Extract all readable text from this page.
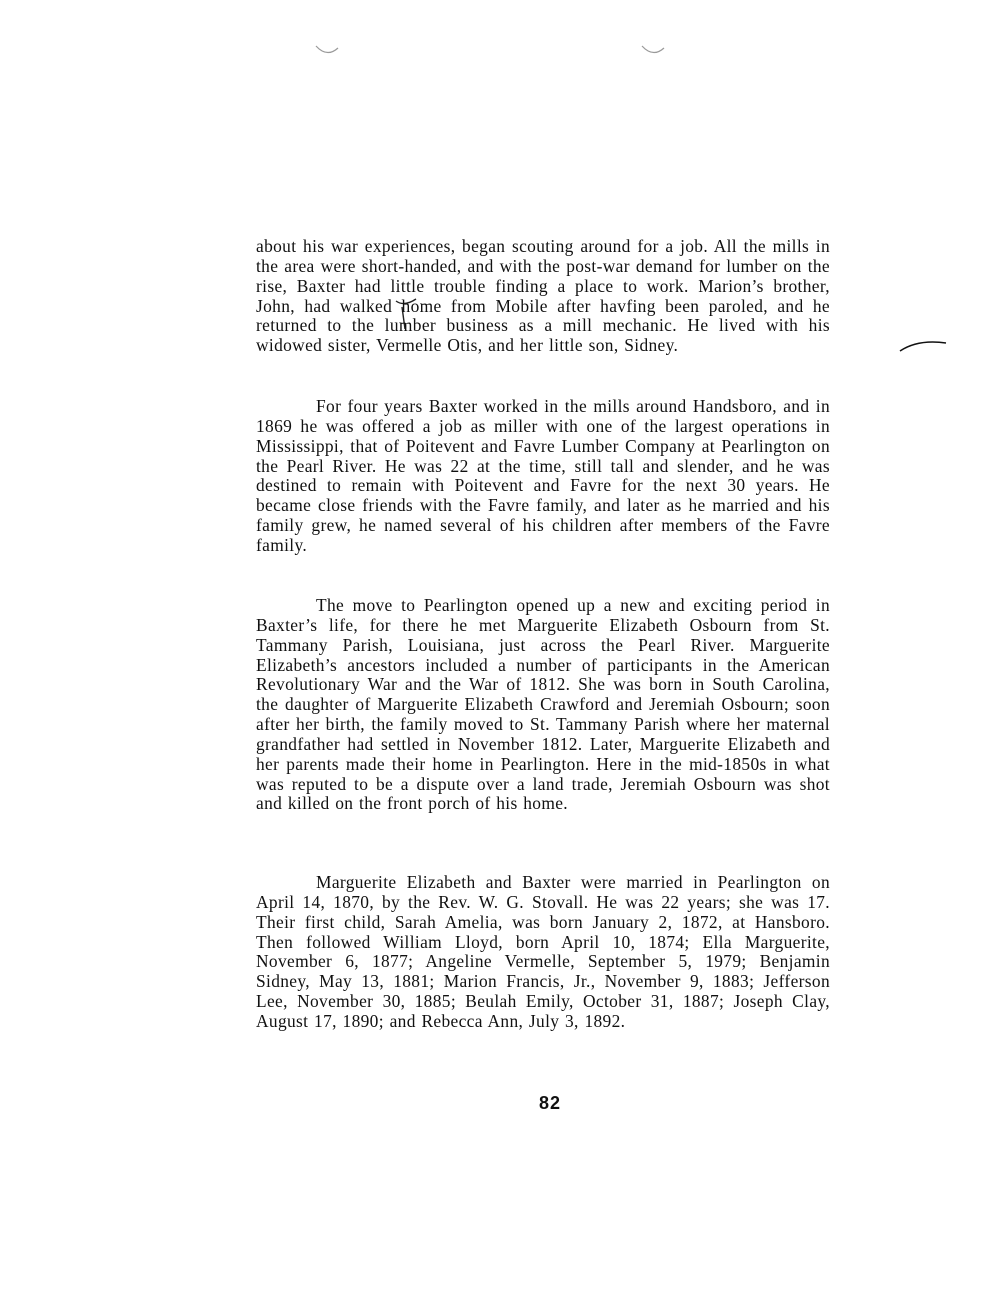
about his war experiences, began scouting around for a job. All the mills in the area were short-handed, and with the post-war demand for lumber on the rise, Baxter had little trouble finding a place to work. Marion’s brother, John, had walked home from Mobile after havfing been paroled, and he returned to the lumber business as a mill mechanic. He lived with his widowed sister, Vermelle Otis, and her little son, Sidney.

For four years Baxter worked in the mills around Handsboro, and in 1869 he was offered a job as miller with one of the largest operations in Mississippi, that of Poitevent and Favre Lumber Company at Pearlington on the Pearl River. He was 22 at the time, still tall and slender, and he was destined to remain with Poitevent and Favre for the next 30 years. He became close friends with the Favre family, and later as he married and his family grew, he named several of his children after members of the Favre family.

The move to Pearlington opened up a new and exciting period in Baxter’s life, for there he met Marguerite Elizabeth Osbourn from St. Tammany Parish, Louisiana, just across the Pearl River. Marguerite Elizabeth’s ancestors included a number of participants in the American Revolutionary War and the War of 1812. She was born in South Carolina, the daughter of Marguerite Elizabeth Crawford and Jeremiah Osbourn; soon after her birth, the family moved to St. Tammany Parish where her maternal grandfather had settled in November 1812. Later, Marguerite Elizabeth and her parents made their home in Pearlington. Here in the mid-1850s in what was reputed to be a dispute over a land trade, Jeremiah Osbourn was shot and killed on the front porch of his home.

Marguerite Elizabeth and Baxter were married in Pearlington on April 14, 1870, by the Rev. W. G. Stovall. He was 22 years; she was 17. Their first child, Sarah Amelia, was born January 2, 1872, at Hansboro. Then followed William Lloyd, born April 10, 1874; Ella Marguerite, November 6, 1877; Angeline Vermelle, September 5, 1979; Benjamin Sidney, May 13, 1881; Marion Francis, Jr., November 9, 1883; Jefferson Lee, November 30, 1885; Beulah Emily, October 31, 1887; Joseph Clay, August 17, 1890; and Rebecca Ann, July 3, 1892.

82
